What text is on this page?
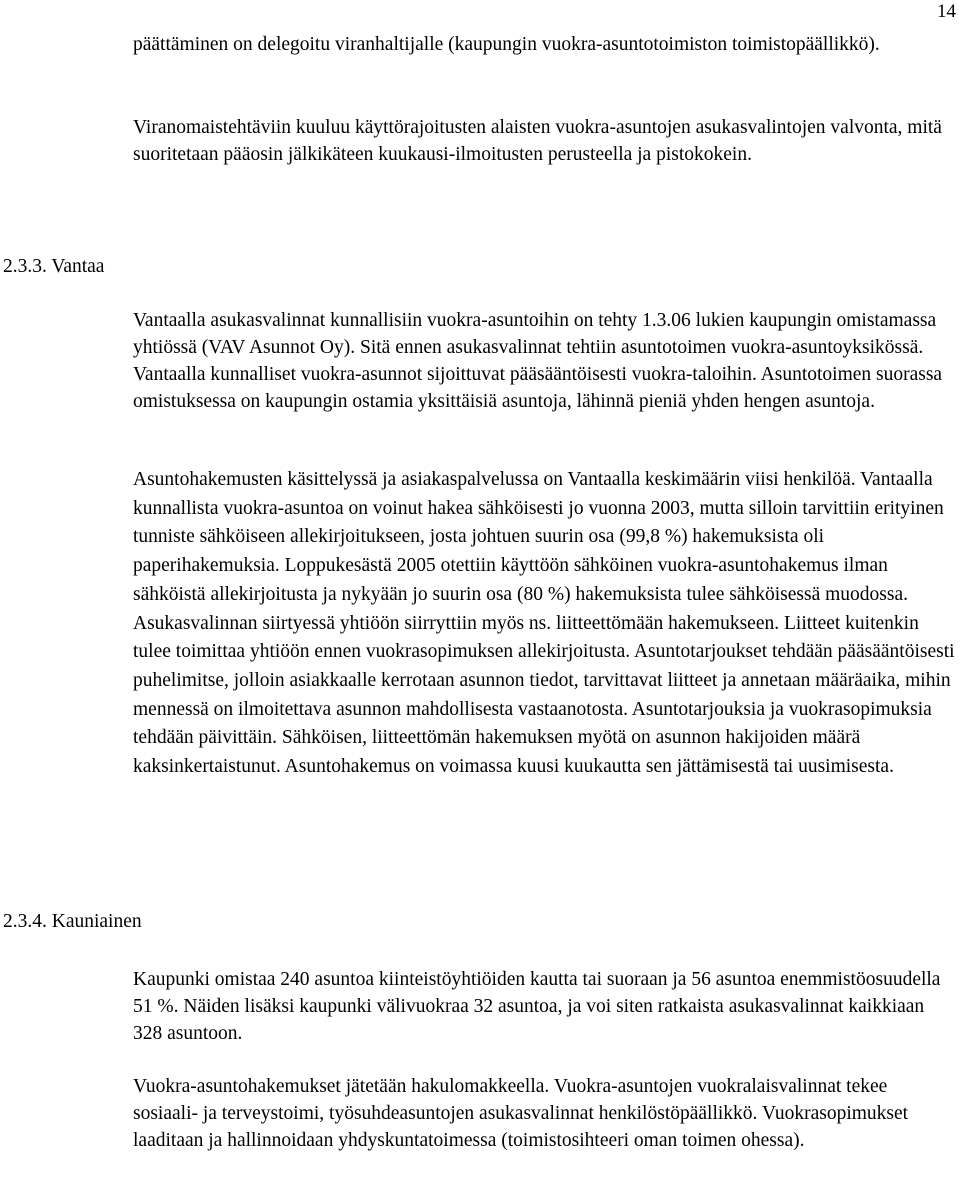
14

päättäminen on delegoitu viranhaltijalle (kaupungin vuokra-asuntotoimiston toimistopäällikkö).

Viranomaistehtäviin kuuluu käyttörajoitusten alaisten vuokra-asuntojen asukasvalintojen valvonta, mitä suoritetaan pääosin jälkikäteen kuukausi-ilmoitusten perusteella ja pistokokein.

2.3.3. Vantaa

Vantaalla asukasvalinnat kunnallisiin vuokra-asuntoihin on tehty 1.3.06 lukien kaupungin omistamassa yhtiössä (VAV Asunnot Oy). Sitä ennen asukasvalinnat tehtiin asuntotoimen vuokra-asuntoyksikössä. Vantaalla kunnalliset vuokra-asunnot sijoittuvat pääsääntöisesti vuokra-taloihin. Asuntotoimen suorassa omistuksessa on kaupungin ostamia yksittäisiä asuntoja, lähinnä pieniä yhden hengen asuntoja.

Asuntohakemusten käsittelyssä ja asiakaspalvelussa on Vantaalla keskimäärin viisi henkilöä. Vantaalla kunnallista vuokra-asuntoa on voinut hakea sähköisesti jo vuonna 2003, mutta silloin tarvittiin erityinen tunniste sähköiseen allekirjoitukseen, josta johtuen suurin osa (99,8 %) hakemuksista oli paperihakemuksia. Loppukesästä 2005 otettiin käyttöön sähköinen vuokra-asuntohakemus ilman sähköistä allekirjoitusta ja nykyään jo suurin osa (80 %) hakemuksista tulee sähköisessä muodossa. Asukasvalinnan siirtyessä yhtiöön siirryttiin myös ns. liitteettömään hakemukseen. Liitteet kuitenkin tulee toimittaa yhtiöön ennen vuokrasopimuksen allekirjoitusta. Asuntotarjoukset tehdään pääsääntöisesti puhelimitse, jolloin asiakkaalle kerrotaan asunnon tiedot, tarvittavat liitteet ja annetaan määräaika, mihin mennessä on ilmoitettava asunnon mahdollisesta vastaanotosta. Asuntotarjouksia ja vuokrasopimuksia tehdään päivittäin. Sähköisen, liitteettömän hakemuksen myötä on asunnon hakijoiden määrä kaksinkertaistunut. Asuntohakemus on voimassa kuusi kuukautta sen jättämisestä tai uusimisesta.

2.3.4. Kauniainen

Kaupunki omistaa 240 asuntoa kiinteistöyhtiöiden kautta tai suoraan ja 56 asuntoa enemmistöosuudella 51 %. Näiden lisäksi kaupunki välivuokraa 32 asuntoa, ja voi siten ratkaista asukasvalinnat kaikkiaan 328 asuntoon.

Vuokra-asuntohakemukset jätetään hakulomakkeella. Vuokra-asuntojen vuokralaisvalinnat tekee sosiaali- ja terveystoimi, työsuhdeasuntojen asukasvalinnat henkilöstöpäällikkö. Vuokrasopimukset laaditaan ja hallinnoidaan yhdyskuntatoimessa (toimistosihteeri oman toimen ohessa).
